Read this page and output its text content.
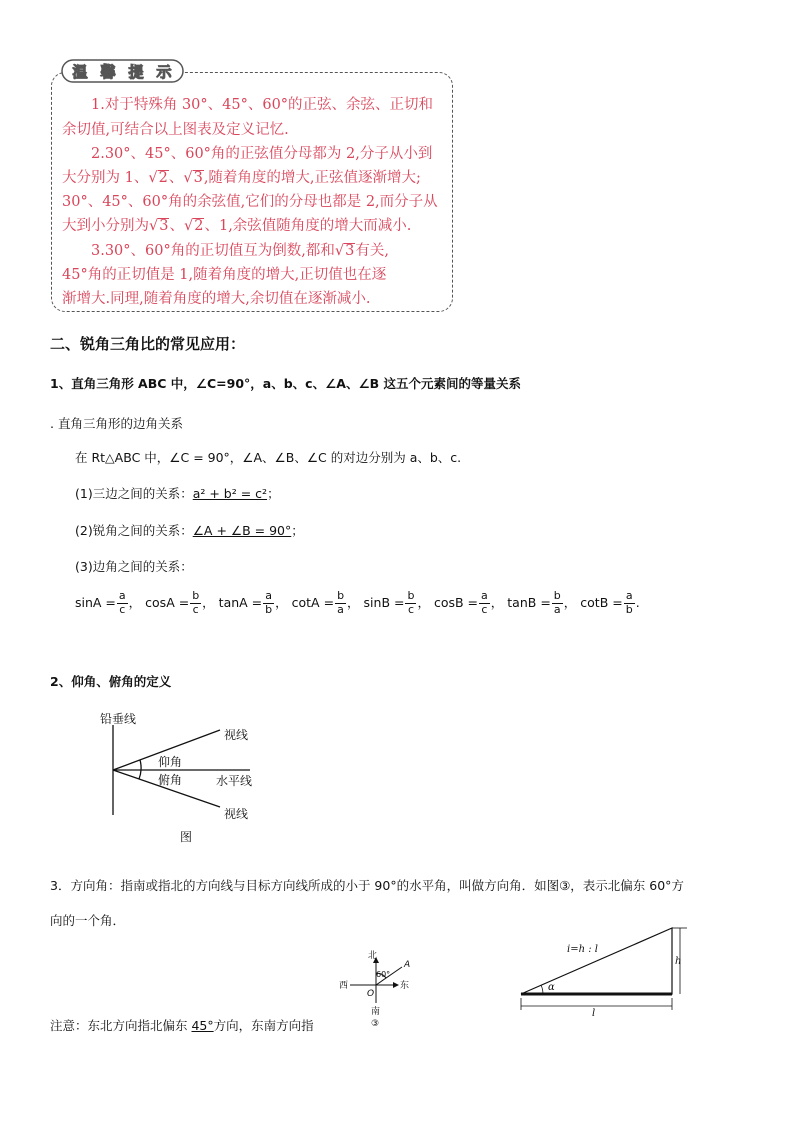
温 馨 提 示
　　1.对于特殊角 30°、45°、60°的正弦、余弦、正切和
余切值,可结合以上图表及定义记忆.
　　2.30°、45°、60°角的正弦值分母都为 2,分子从小到
大分别为 1、√2、√3,随着角度的增大,正弦值逐渐增大;
30°、45°、60°角的余弦值,它们的分母也都是 2,而分子从
大到小分别为√3、√2、1,余弦值随角度的增大而减小.
　　3.30°、60°角的正切值互为倒数,都和√3有关,
45°角的正切值是 1,随着角度的增大,正切值也在逐
渐增大.同理,随着角度的增大,余切值在逐渐减小.
二、锐角三角比的常见应用：
1、直角三角形 ABC 中，∠C=90°，a、b、c、∠A、∠B 这五个元素间的等量关系
. 直角三角形的边角关系
在 Rt△ABC 中，∠C = 90°，∠A、∠B、∠C 的对边分别为 a、b、c.
(1)三边之间的关系：a² + b² = c²；
(2)锐角之间的关系：∠A + ∠B = 90°；
(3)边角之间的关系：
$\sin A = \frac{a}{c}$ ， $\cos A = \frac{b}{c}$ ， $\tan A = \frac{a}{b}$ ， $\cot A = \frac{b}{a}$ ， $\sin B = \frac{b}{c}$ ， $\cos B = \frac{a}{c}$ ， $\tan B = \frac{b}{a}$ ， $\cot B = \frac{a}{b}$ .
2、仰角、俯角的定义
铅垂线
视线
仰角
俯角	水平线
视线
图
3．方向角：指南或指北的方向线与目标方向线所成的小于 90°的水平角，叫做方向角．如图③，表示北偏东 60°方
向的一个角．
北
60°
A
西
O
东
南
③
i=h : l
h
l
α
注意：东北方向指北偏东 45°方向，东南方向指
